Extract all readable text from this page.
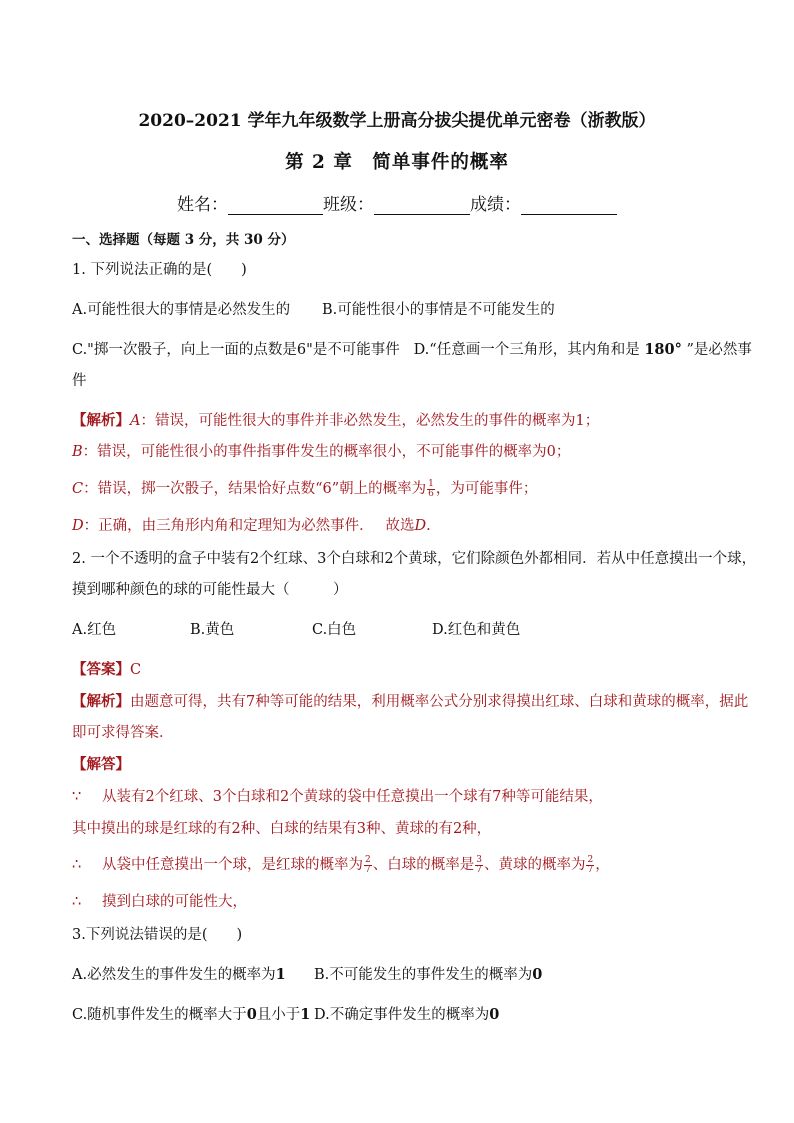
2020–2021 学年九年级数学上册高分拔尖提优单元密卷（浙教版）
第 2 章　简单事件的概率
姓名：	班级：	成绩：
一、选择题（每题 3 分，共 30 分）
1. 下列说法正确的是(　　)
A.可能性很大的事情是必然发生的 B.可能性很小的事情是不可能发生的
C."掷一次骰子，向上一面的点数是6"是不可能事件 D.“任意画一个三角形，其内角和是 180° ”是必然事
件
【解析】A：错误，可能性很大的事件并非必然发生，必然发生的事件的概率为1；
B：错误，可能性很小的事件指事件发生的概率很小，不可能事件的概率为0；
C：错误，掷一次骰子，结果恰好点数“6”朝上的概率为 $\frac{1}{6}$ ，为可能事件；
D：正确，由三角形内角和定理知为必然事件．　 故选D.
2. 一个不透明的盒子中装有2个红球、3个白球和2个黄球，它们除颜色外都相同．若从中任意摸出一个球，
摸到哪种颜色的球的可能性最大（　　　）
A.红色	B.黄色	C.白色	D.红色和黄色
【答案】C
【解析】由题意可得，共有7种等可能的结果，利用概率公式分别求得摸出红球、白球和黄球的概率，据此
即可求得答案．
【解答】
∵ 从装有2个红球、3个白球和2个黄球的袋中任意摸出一个球有7种等可能结果，
其中摸出的球是红球的有2种、白球的结果有3种、黄球的有2种，
∴ 从袋中任意摸出一个球，是红球的概率为 $\frac{2}{7}$ 、白球的概率是 $\frac{3}{7}$ 、黄球的概率为 $\frac{2}{7}$ ，
∴ 摸到白球的可能性大，
3.下列说法错误的是(　　)
A.必然发生的事件发生的概率为1 B.不可能发生的事件发生的概率为0
C.随机事件发生的概率大于0且小于1 D.不确定事件发生的概率为0
